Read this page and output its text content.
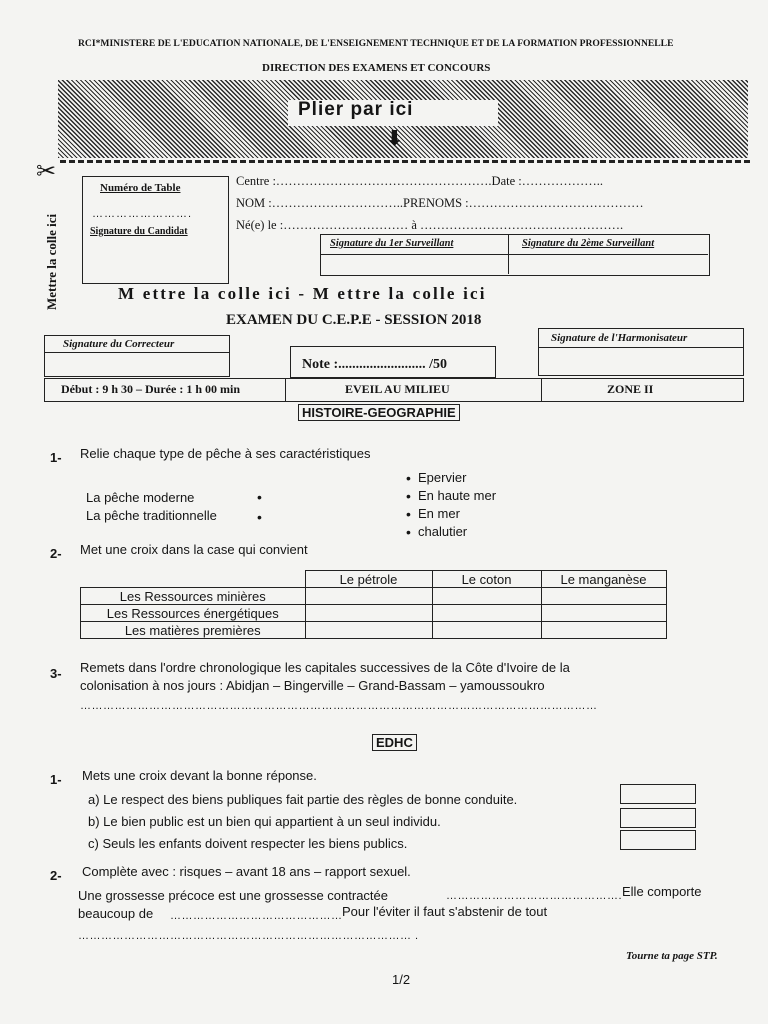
RCI*MINISTERE DE L'EDUCATION NATIONALE, DE L'ENSEIGNEMENT TECHNIQUE ET DE LA FORMATION PROFESSIONNELLE
DIRECTION DES EXAMENS ET CONCOURS
Plier par ici
⬇
✂
Mettre la colle ici
Numéro de Table
…………………….
Signature du Candidat
Centre :…………………………………………….Date :………………..
NOM :…………………………..PRENOMS :……………………………………
Né(e) le :………………………… à ………………………………………….
Signature du 1er Surveillant	Signature du 2ème Surveillant
M ettre la colle ici - M ettre la colle ici
EXAMEN DU C.E.P.E - SESSION 2018
Signature du Correcteur
Note :......................... /50
Signature de l'Harmonisateur
Début : 9 h 30 – Durée : 1 h 00 min	EVEIL AU MILIEU	ZONE II
HISTOIRE-GEOGRAPHIE
1- Relie chaque type de pêche à ses caractéristiques
La pêche moderne
La pêche traditionnelle
•
•
• Epervier
• En haute mer
• En mer
• chalutier
2- Met une croix dans la case qui convient
	Le pétrole	Le coton	Le manganèse
Les Ressources minières			
Les Ressources énergétiques			
Les matières premières			
3- Remets dans l'ordre chronologique les capitales successives de la Côte d'Ivoire de la
colonisation à nos jours : Abidjan – Bingerville – Grand-Bassam – yamoussoukro
………………………………………………………………………………………………………………………
EDHC
1- Mets une croix devant la bonne réponse.
a) Le respect des biens publiques fait partie des règles de bonne conduite.
b) Le bien public est un bien qui appartient à un seul individu.
c) Seuls les enfants doivent respecter les biens publics.
2- Complète avec : risques – avant 18 ans – rapport sexuel.
Une grossesse précoce est une grossesse contractée	………………………………………. Elle comporte
beaucoup de ……………………………………… Pour l'éviter il faut s'abstenir de tout
…………………………………………………………………………… .
Tourne ta page STP.
1/2
